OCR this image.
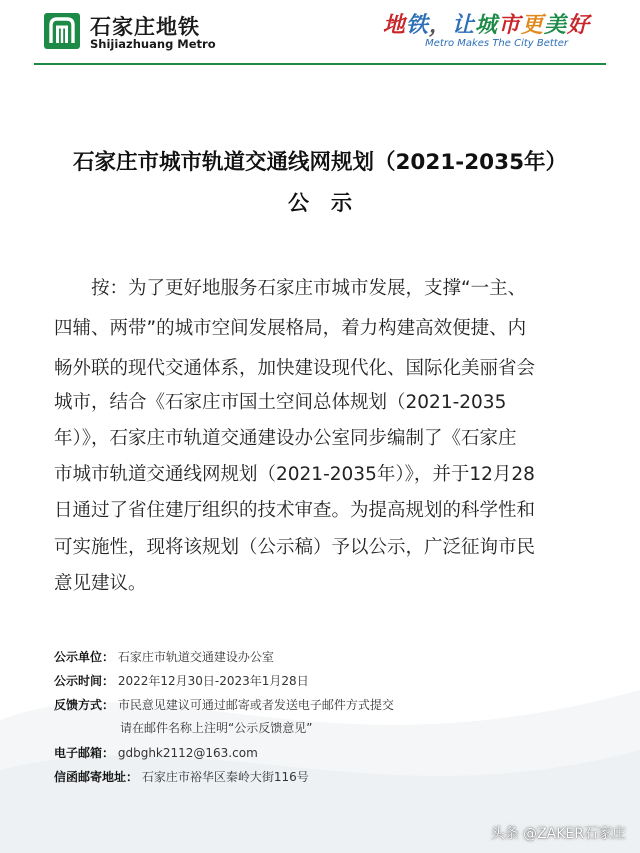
石家庄地铁
Shijiazhuang Metro
地铁，让城市更美好
Metro Makes The City Better
石家庄市城市轨道交通线网规划（2021-2035年）
公示
　　按：为了更好地服务石家庄市城市发展，支撑“一主、
四辅、两带”的城市空间发展格局，着力构建高效便捷、内
畅外联的现代交通体系，加快建设现代化、国际化美丽省会
城市，结合《石家庄市国土空间总体规划（2021-2035
年）》，石家庄市轨道交通建设办公室同步编制了《石家庄
市城市轨道交通线网规划（2021-2035年）》，并于12月28
日通过了省住建厅组织的技术审查。为提高规划的科学性和
可实施性，现将该规划（公示稿）予以公示，广泛征询市民
意见建议。
公示单位： 石家庄市轨道交通建设办公室
公示时间： 2022年12月30日-2023年1月28日
反馈方式： 市民意见建议可通过邮寄或者发送电子邮件方式提交
请在邮件名称上注明“公示反馈意见”
电子邮箱： gdbghk2112@163.com
信函邮寄地址： 石家庄市裕华区秦岭大街116号
头条 @ZAKER石家庄
